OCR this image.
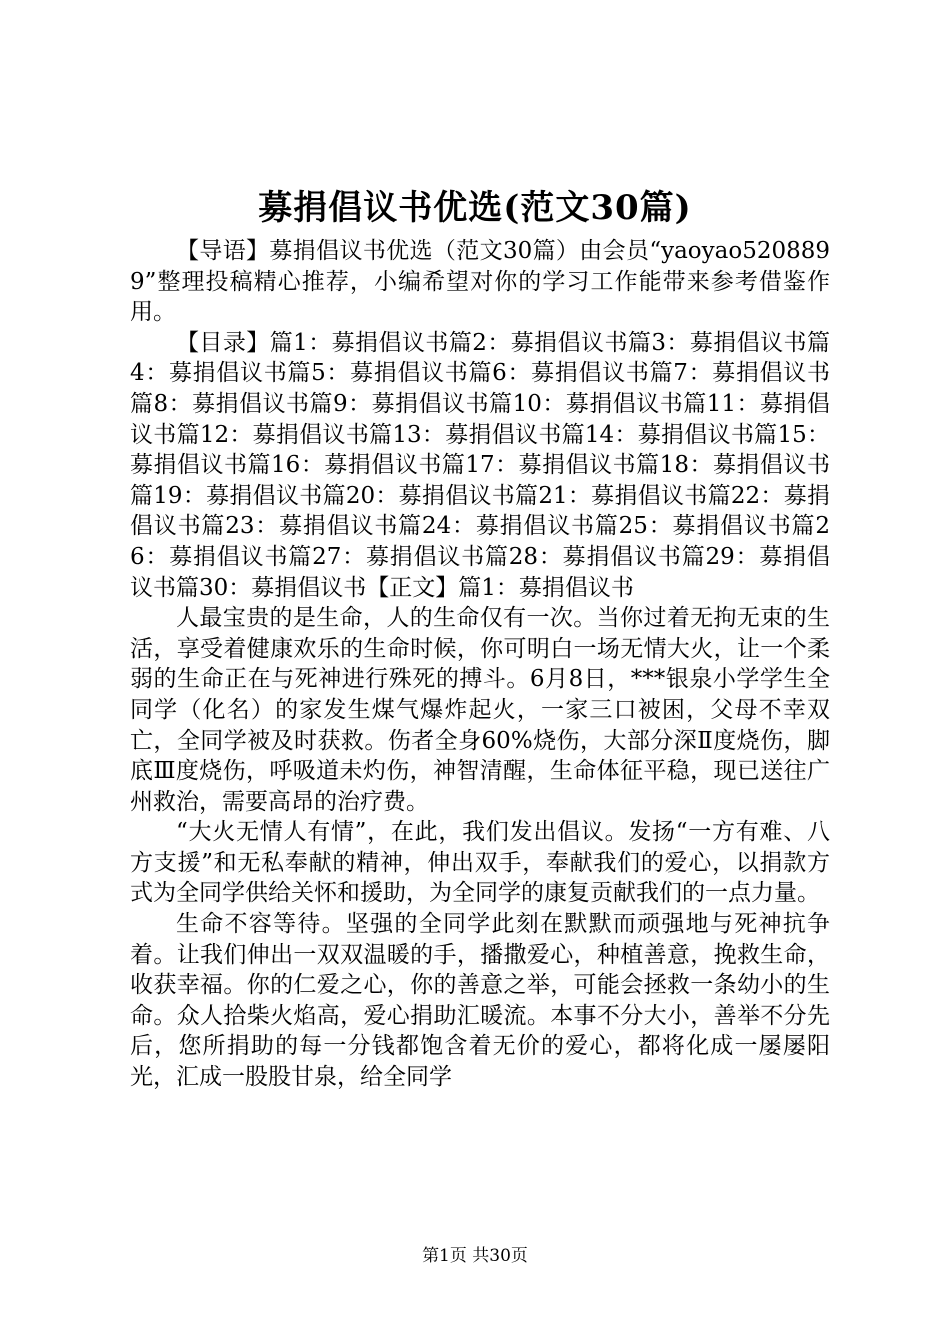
募捐倡议书优选(范文30篇)

【导语】募捐倡议书优选（范文30篇）由会员“yaoyao5208899”整理投稿精心推荐，小编希望对你的学习工作能带来参考借鉴作用。

【目录】篇1：募捐倡议书篇2：募捐倡议书篇3：募捐倡议书篇4：募捐倡议书篇5：募捐倡议书篇6：募捐倡议书篇7：募捐倡议书篇8：募捐倡议书篇9：募捐倡议书篇10：募捐倡议书篇11：募捐倡议书篇12：募捐倡议书篇13：募捐倡议书篇14：募捐倡议书篇15：募捐倡议书篇16：募捐倡议书篇17：募捐倡议书篇18：募捐倡议书篇19：募捐倡议书篇20：募捐倡议书篇21：募捐倡议书篇22：募捐倡议书篇23：募捐倡议书篇24：募捐倡议书篇25：募捐倡议书篇26：募捐倡议书篇27：募捐倡议书篇28：募捐倡议书篇29：募捐倡议书篇30：募捐倡议书【正文】篇1：募捐倡议书

人最宝贵的是生命，人的生命仅有一次。当你过着无拘无束的生活，享受着健康欢乐的生命时候，你可明白一场无情大火，让一个柔弱的生命正在与死神进行殊死的搏斗。6月8日，***银泉小学学生全同学（化名）的家发生煤气爆炸起火，一家三口被困，父母不幸双亡，全同学被及时获救。伤者全身60%烧伤，大部分深Ⅱ度烧伤，脚底Ⅲ度烧伤，呼吸道未灼伤，神智清醒，生命体征平稳，现已送往广州救治，需要高昂的治疗费。

“大火无情人有情”，在此，我们发出倡议。发扬“一方有难、八方支援”和无私奉献的精神，伸出双手，奉献我们的爱心，以捐款方式为全同学供给关怀和援助，为全同学的康复贡献我们的一点力量。

生命不容等待。坚强的全同学此刻在默默而顽强地与死神抗争着。让我们伸出一双双温暖的手，播撒爱心，种植善意，挽救生命，收获幸福。你的仁爱之心，你的善意之举，可能会拯救一条幼小的生命。众人拾柴火焰高，爱心捐助汇暖流。本事不分大小，善举不分先后，您所捐助的每一分钱都饱含着无价的爱心，都将化成一屡屡阳光，汇成一股股甘泉，给全同学

第1页 共30页
